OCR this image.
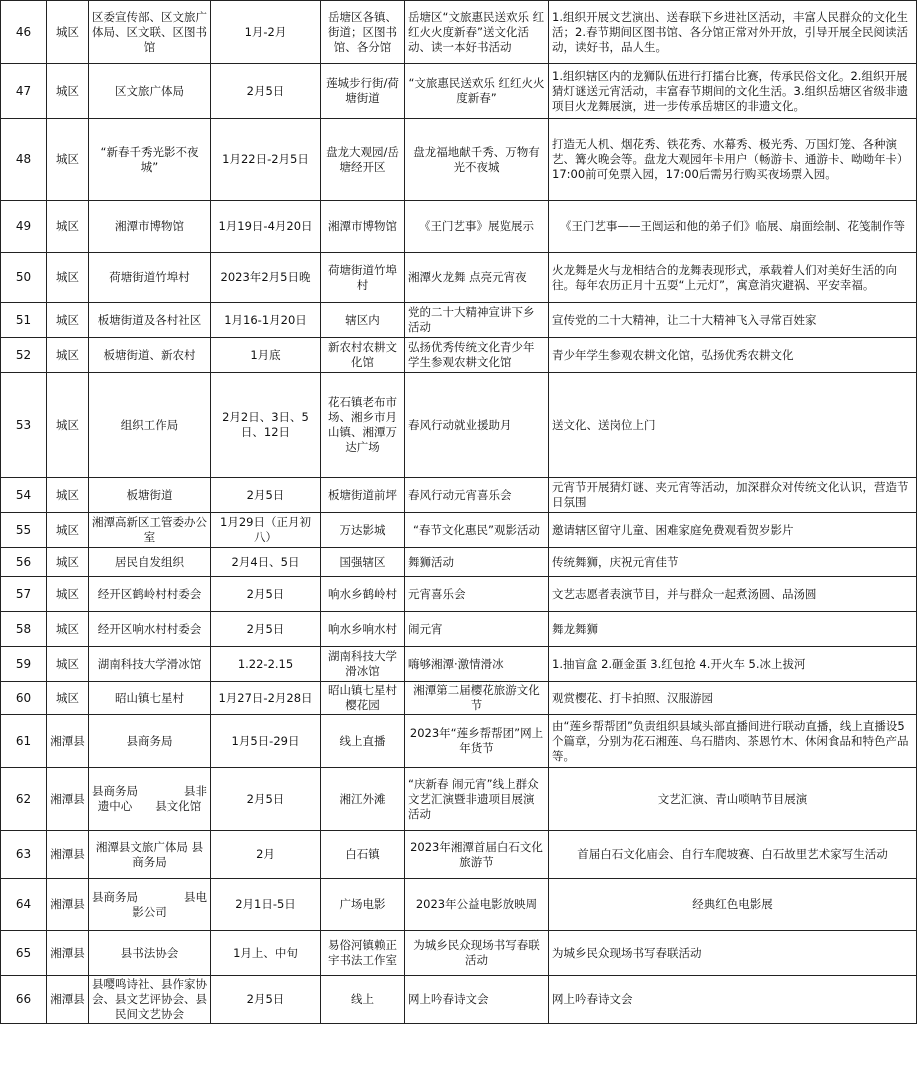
46	城区	区委宣传部、区文旅广体局、区文联、区图书馆	1月-2月	岳塘区各镇、街道；区图书馆、各分馆	岳塘区“文旅惠民送欢乐 红红火火度新春”送文化活动、读一本好书活动	1.组织开展文艺演出、送春联下乡进社区活动，丰富人民群众的文化生活；2.春节期间区图书馆、各分馆正常对外开放，引导开展全民阅读活动，读好书，品人生。
47	城区	区文旅广体局	2月5日	莲城步行街/荷塘街道	“文旅惠民送欢乐 红红火火度新春”	1.组织辖区内的龙狮队伍进行打擂台比赛，传承民俗文化。2.组织开展猜灯谜送元宵活动，丰富春节期间的文化生活。3.组织岳塘区省级非遗项目火龙舞展演，进一步传承岳塘区的非遗文化。
48	城区	“新春千秀光影不夜城”	1月22日-2月5日	盘龙大观园/岳塘经开区	盘龙福地献千秀、万物有光不夜城	打造无人机、烟花秀、铁花秀、水幕秀、极光秀、万国灯笼、各种演艺、篝火晚会等。盘龙大观园年卡用户（畅游卡、通游卡、呦呦年卡）17:00前可免票入园，17:00后需另行购买夜场票入园。
49	城区	湘潭市博物馆	1月19日-4月20日	湘潭市博物馆	《王门艺事》展览展示	《王门艺事——王闿运和他的弟子们》临展、扇面绘制、花笺制作等
50	城区	荷塘街道竹埠村	2023年2月5日晚	荷塘街道竹埠村	湘潭火龙舞 点亮元宵夜	火龙舞是火与龙相结合的龙舞表现形式，承载着人们对美好生活的向往。每年农历正月十五耍“上元灯”，寓意消灾避祸、平安幸福。
51	城区	板塘街道及各村社区	1月16-1月20日	辖区内	党的二十大精神宣讲下乡活动	宣传党的二十大精神，让二十大精神飞入寻常百姓家
52	城区	板塘街道、新农村	1月底	新农村农耕文化馆	弘扬优秀传统文化青少年学生参观农耕文化馆	青少年学生参观农耕文化馆，弘扬优秀农耕文化
53	城区	组织工作局	2月2日、3日、5日、12日	花石镇老布市场、湘乡市月山镇、湘潭万达广场	春风行动就业援助月	送文化、送岗位上门
54	城区	板塘街道	2月5日	板塘街道前坪	春风行动元宵喜乐会	元宵节开展猜灯谜、夹元宵等活动，加深群众对传统文化认识，营造节日氛围
55	城区	湘潭高新区工管委办公室	1月29日（正月初八）	万达影城	“春节文化惠民”观影活动	邀请辖区留守儿童、困难家庭免费观看贺岁影片
56	城区	居民自发组织	2月4日、5日	国强辖区	舞狮活动	传统舞狮，庆祝元宵佳节
57	城区	经开区鹤岭村村委会	2月5日	响水乡鹤岭村	元宵喜乐会	文艺志愿者表演节目，并与群众一起煮汤圆、品汤圆
58	城区	经开区响水村村委会	2月5日	响水乡响水村	闹元宵	舞龙舞狮
59	城区	湖南科技大学滑冰馆	1.22-2.15	湖南科技大学滑冰馆	嗨够湘潭·激情滑冰	1.抽盲盒 2.砸金蛋 3.红包抢 4.开火车 5.冰上拔河
60	城区	昭山镇七星村	1月27日-2月28日	昭山镇七星村樱花园	湘潭第二届樱花旅游文化节	观赏樱花、打卡拍照、汉服游园
61	湘潭县	县商务局	1月5日-29日	线上直播	2023年“莲乡帮帮团”网上年货节	由“莲乡帮帮团”负责组织县域头部直播间进行联动直播，线上直播设5个篇章，分别为花石湘莲、乌石腊肉、茶恩竹木、休闲食品和特色产品等。
62	湘潭县	县商务局　　　　县非遗中心　　县文化馆	2月5日	湘江外滩	“庆新春 闹元宵”线上群众文艺汇演暨非遗项目展演活动	文艺汇演、青山唢呐节目展演
63	湘潭县	湘潭县文旅广体局 县商务局	2月	白石镇	2023年湘潭首届白石文化旅游节	首届白石文化庙会、自行车爬坡赛、白石故里艺术家写生活动
64	湘潭县	县商务局　　　　县电影公司	2月1日-5日	广场电影	2023年公益电影放映周	经典红色电影展
65	湘潭县	县书法协会	1月上、中旬	易俗河镇赖正宇书法工作室	为城乡民众现场书写春联活动	为城乡民众现场书写春联活动
66	湘潭县	县嘤鸣诗社、县作家协会、县文艺评协会、县民间文艺协会	2月5日	线上	网上吟春诗文会	网上吟春诗文会
